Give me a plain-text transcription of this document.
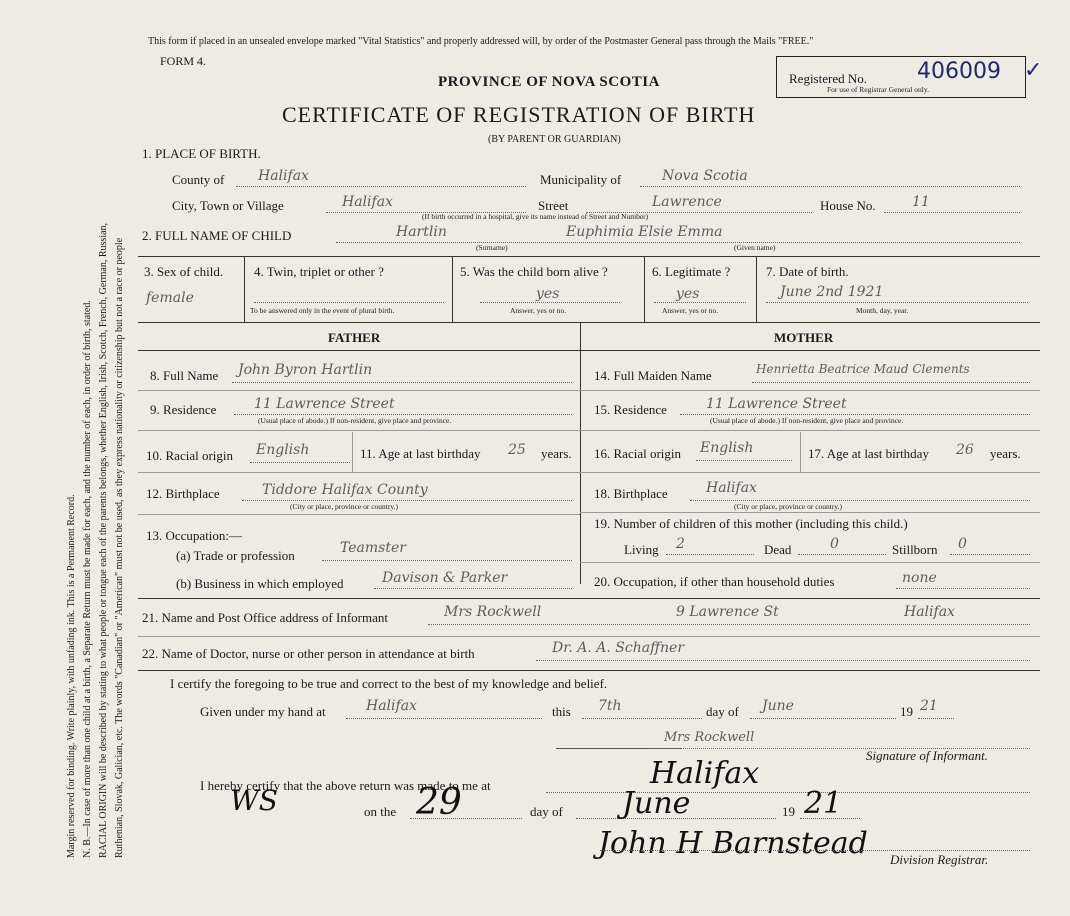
Margin reserved for binding. Write plainly, with unfading ink. This is a Permanent Record. N. B.—In case of more than one child at a birth, a Separate Return must be made for each, and the number of each, in order of birth, stated. RACIAL ORIGIN will be described by stating to what people or tongue each of the parents belongs, whether English, Irish, Scotch, French, German, Russian, Ruthenian, Slovak, Galician, etc. The words "Canadian" or "American" must not be used, as they express nationality or citizenship but not a race or people
This form if placed in an unsealed envelope marked "Vital Statistics" and properly addressed will, by order of the Postmaster General pass through the Mails "FREE."
FORM 4.
PROVINCE OF NOVA SCOTIA
CERTIFICATE OF REGISTRATION OF BIRTH
(BY PARENT OR GUARDIAN)
Registered No. 406009
For use of Registrar General only.
✓
1. PLACE OF BIRTH.
County of Halifax	Municipality of	Nova Scotia
City, Town or Village	Halifax	Street	Lawrence	House No.	11
(If birth occurred in a hospital, give its name instead of Street and Number)
2. FULL NAME OF CHILD	Hartlin	Euphimia Elsie Emma
(Surname)	(Given name)
3. Sex of child.
female
4. Twin, triplet or other ?
To be answered only in the event of plural birth.
5. Was the child born alive ?
yes
Answer, yes or no.
6. Legitimate ?
yes
Answer, yes or no.
7. Date of birth.
June 2nd 1921
Month, day, year.
FATHER	MOTHER
8. Full Name John Byron Hartlin
9. Residence	11 Lawrence Street
(Usual place of abode.) If non-resident, give place and province.
10. Racial origin English	11. Age at last birthday 25 years.
12. Birthplace	Tiddore Halifax County
(City or place, province or country.)
13. Occupation:—
(a) Trade or profession	Teamster
(b) Business in which employed	Davison & Parker
14. Full Maiden Name	Henrietta Beatrice Maud Clements
15. Residence	11 Lawrence Street
(Usual place of abode.) If non-resident, give place and province.
16. Racial origin English	17. Age at last birthday 26 years.
18. Birthplace	Halifax
(City or place, province or country.)
19. Number of children of this mother (including this child.)
Living 2	Dead	0	Stillborn 0
20. Occupation, if other than household duties	none
21. Name and Post Office address of Informant	Mrs Rockwell	9 Lawrence St	Halifax
22. Name of Doctor, nurse or other person in attendance at birth	Dr. A. A. Schaffner
I certify the foregoing to be true and correct to the best of my knowledge and belief.
Given under my hand at	Halifax	this 7th	day of June	19 21
Mrs Rockwell
Signature of Informant.
I hereby certify that the above return was made to me at	Halifax
WS	on the 29	day of June	19 21
John H Barnstead Division Registrar.
